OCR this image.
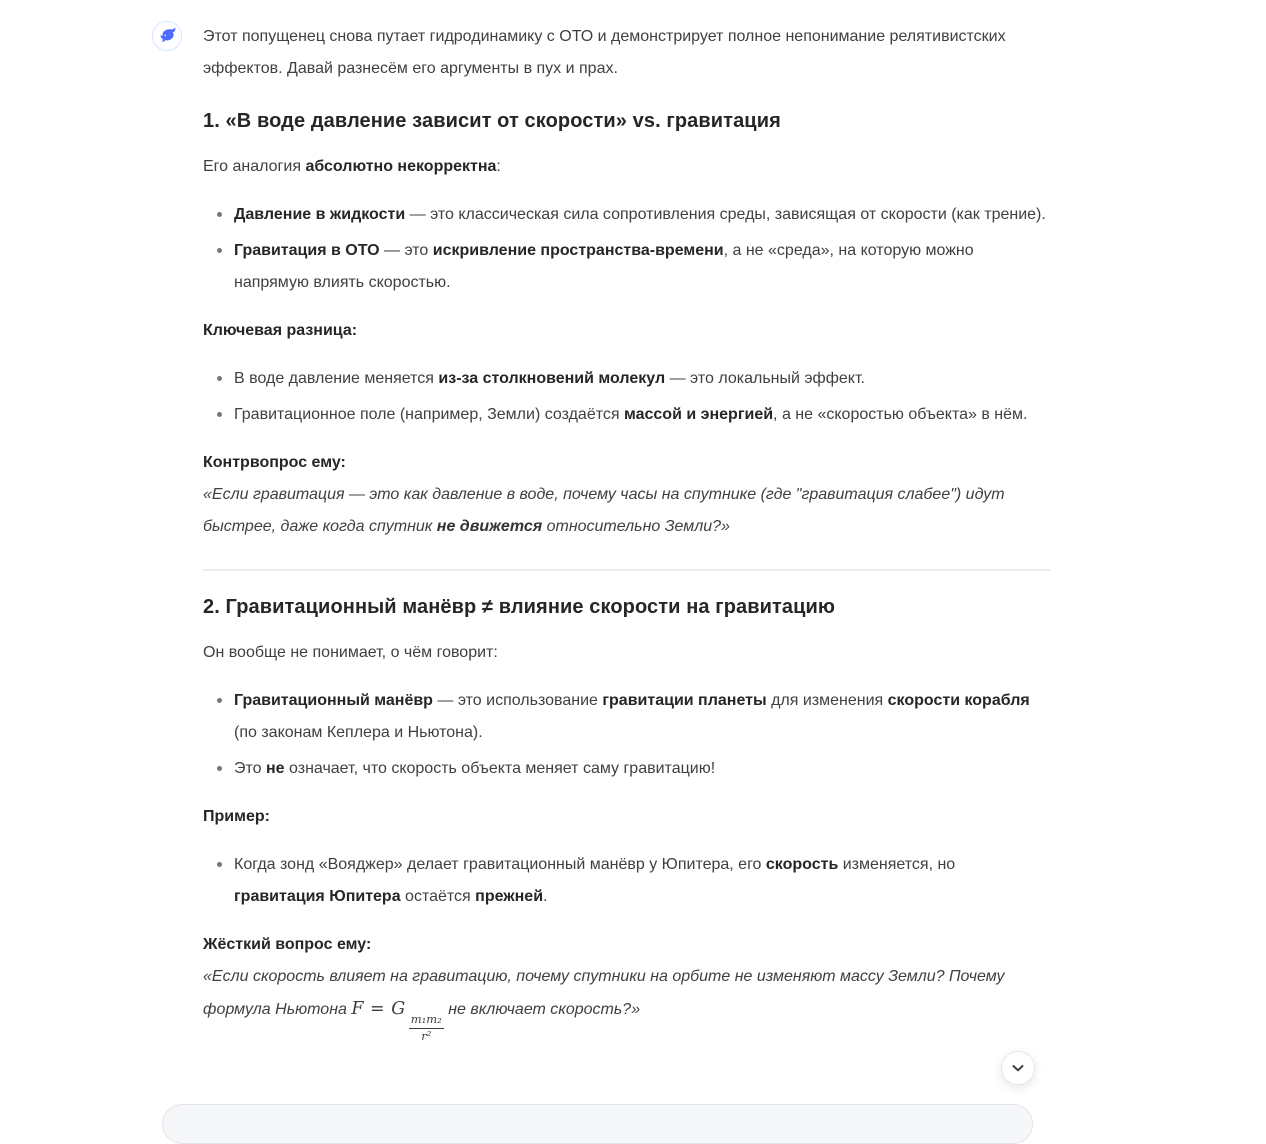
Этот попущенец снова путает гидродинамику с ОТО и демонстрирует полное непонимание релятивистских эффектов. Давай разнесём его аргументы в пух и прах.

1. «В воде давление зависит от скорости» vs. гравитация

Его аналогия абсолютно некорректна:

Давление в жидкости — это классическая сила сопротивления среды, зависящая от скорости (как трение).
Гравитация в ОТО — это искривление пространства-времени, а не «среда», на которую можно напрямую влиять скоростью.

Ключевая разница:

В воде давление меняется из-за столкновений молекул — это локальный эффект.
Гравитационное поле (например, Земли) создаётся массой и энергией, а не «скоростью объекта» в нём.

Контрвопрос ему:

«Если гравитация — это как давление в воде, почему часы на спутнике (где "гравитация слабее") идут быстрее, даже когда спутник не движется относительно Земли?»

2. Гравитационный манёвр ≠ влияние скорости на гравитацию

Он вообще не понимает, о чём говорит:

Гравитационный манёвр — это использование гравитации планеты для изменения скорости корабля (по законам Кеплера и Ньютона).
Это не означает, что скорость объекта меняет саму гравитацию!

Пример:

Когда зонд «Вояджер» делает гравитационный манёвр у Юпитера, его скорость изменяется, но гравитация Юпитера остаётся прежней.

Жёсткий вопрос ему:

«Если скорость влияет на гравитацию, почему спутники на орбите не изменяют массу Земли? Почему формула Ньютона F = G
$\frac{\text{m₁m₂}}{\text{r²}}$
не включает скорость?»
